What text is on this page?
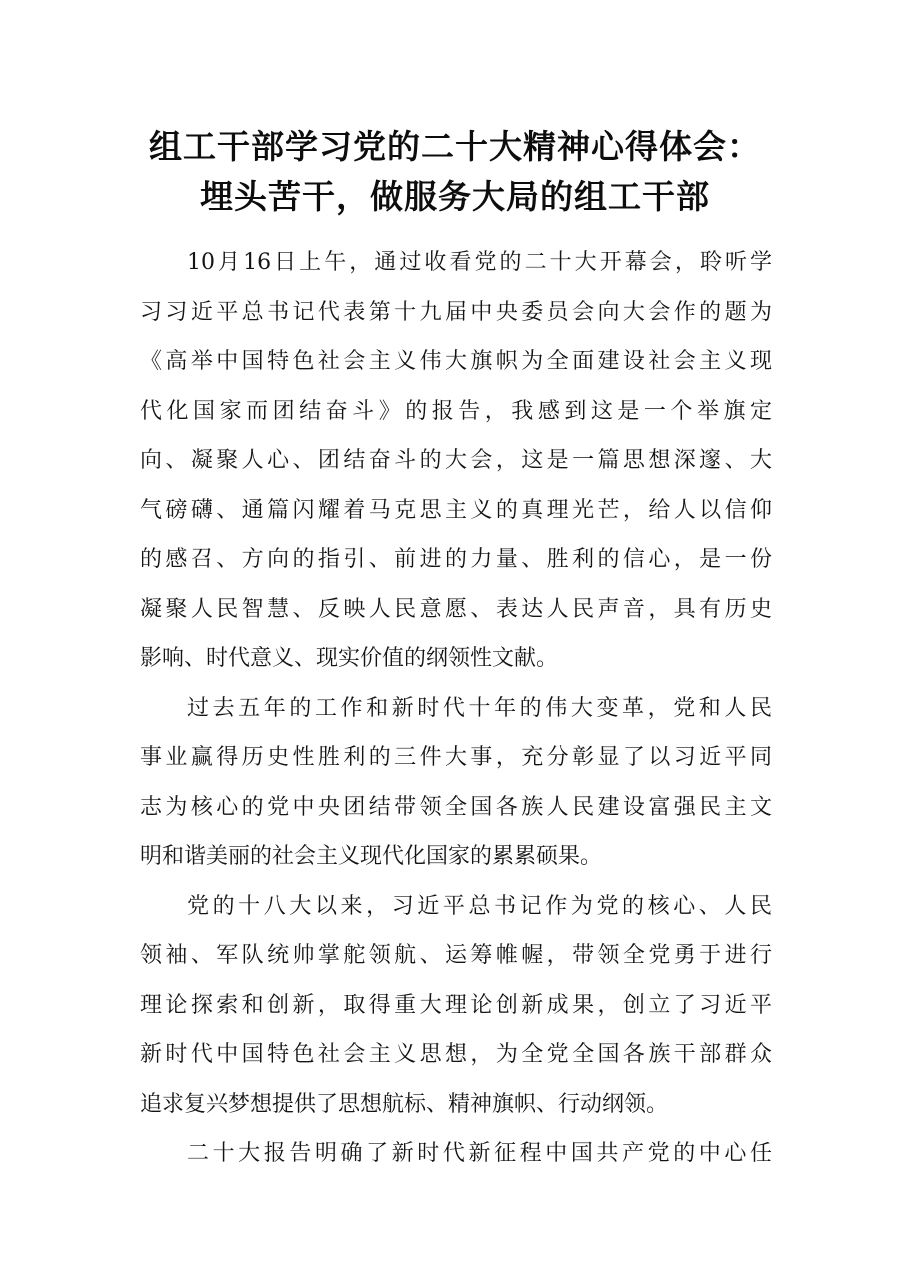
组工干部学习党的二十大精神心得体会：
埋头苦干，做服务大局的组工干部

10月16日上午，通过收看党的二十大开幕会，聆听学
习习近平总书记代表第十九届中央委员会向大会作的题为
《高举中国特色社会主义伟大旗帜为全面建设社会主义现
代化国家而团结奋斗》的报告，我感到这是一个举旗定
向、凝聚人心、团结奋斗的大会，这是一篇思想深邃、大
气磅礴、通篇闪耀着马克思主义的真理光芒，给人以信仰
的感召、方向的指引、前进的力量、胜利的信心，是一份
凝聚人民智慧、反映人民意愿、表达人民声音，具有历史
影响、时代意义、现实价值的纲领性文献。

过去五年的工作和新时代十年的伟大变革，党和人民
事业赢得历史性胜利的三件大事，充分彰显了以习近平同
志为核心的党中央团结带领全国各族人民建设富强民主文
明和谐美丽的社会主义现代化国家的累累硕果。

党的十八大以来，习近平总书记作为党的核心、人民
领袖、军队统帅掌舵领航、运筹帷幄，带领全党勇于进行
理论探索和创新，取得重大理论创新成果，创立了习近平
新时代中国特色社会主义思想，为全党全国各族干部群众
追求复兴梦想提供了思想航标、精神旗帜、行动纲领。

二十大报告明确了新时代新征程中国共产党的中心任
